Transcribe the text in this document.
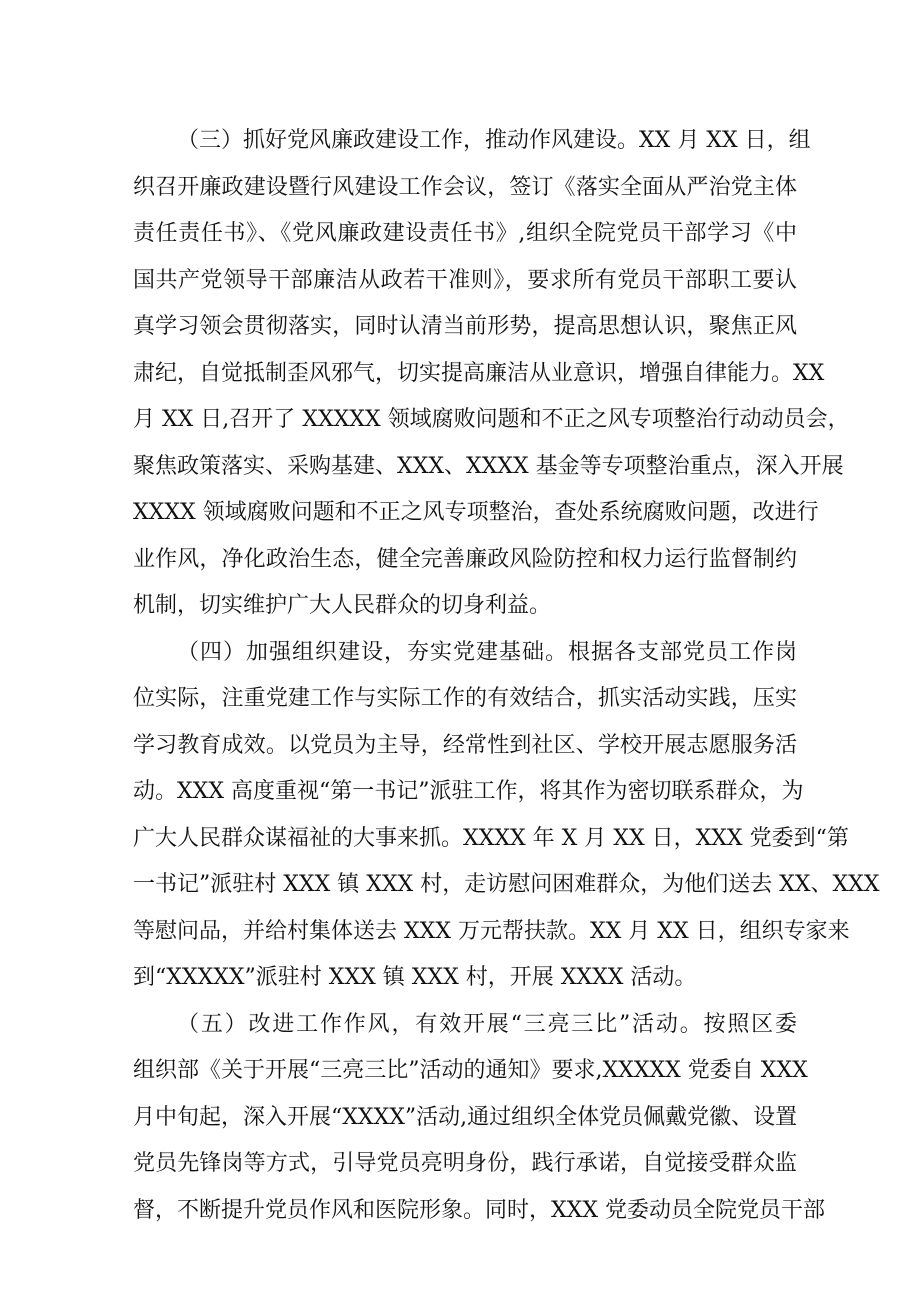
（三）抓好党风廉政建设工作，推动作风建设。XX 月 XX 日，组
织召开廉政建设暨行风建设工作会议，签订《落实全面从严治党主体
责任责任书》、《党风廉政建设责任书》,组织全院党员干部学习《中
国共产党领导干部廉洁从政若干准则》，要求所有党员干部职工要认
真学习领会贯彻落实，同时认清当前形势，提高思想认识，聚焦正风
肃纪，自觉抵制歪风邪气，切实提高廉洁从业意识，增强自律能力。XX
月 XX 日,召开了 XXXXX 领域腐败问题和不正之风专项整治行动动员会，
聚焦政策落实、采购基建、XXX、XXXX 基金等专项整治重点，深入开展
XXXX 领域腐败问题和不正之风专项整治，查处系统腐败问题，改进行
业作风，净化政治生态，健全完善廉政风险防控和权力运行监督制约
机制，切实维护广大人民群众的切身利益。
（四）加强组织建设，夯实党建基础。根据各支部党员工作岗
位实际，注重党建工作与实际工作的有效结合，抓实活动实践，压实
学习教育成效。以党员为主导，经常性到社区、学校开展志愿服务活
动。XXX 高度重视“第一书记”派驻工作，将其作为密切联系群众，为
广大人民群众谋福祉的大事来抓。XXXX 年 X 月 XX 日，XXX 党委到“第
一书记”派驻村 XXX 镇 XXX 村，走访慰问困难群众，为他们送去 XX、XXX
等慰问品，并给村集体送去 XXX 万元帮扶款。XX 月 XX 日，组织专家来
到“XXXXX”派驻村 XXX 镇 XXX 村，开展 XXXX 活动。
（五）改进工作作风，有效开展“三亮三比”活动。按照区委
组织部《关于开展“三亮三比”活动的通知》要求,XXXXX 党委自 XXX
月中旬起，深入开展“XXXX”活动,通过组织全体党员佩戴党徽、设置
党员先锋岗等方式，引导党员亮明身份，践行承诺，自觉接受群众监
督，不断提升党员作风和医院形象。同时，XXX 党委动员全院党员干部
